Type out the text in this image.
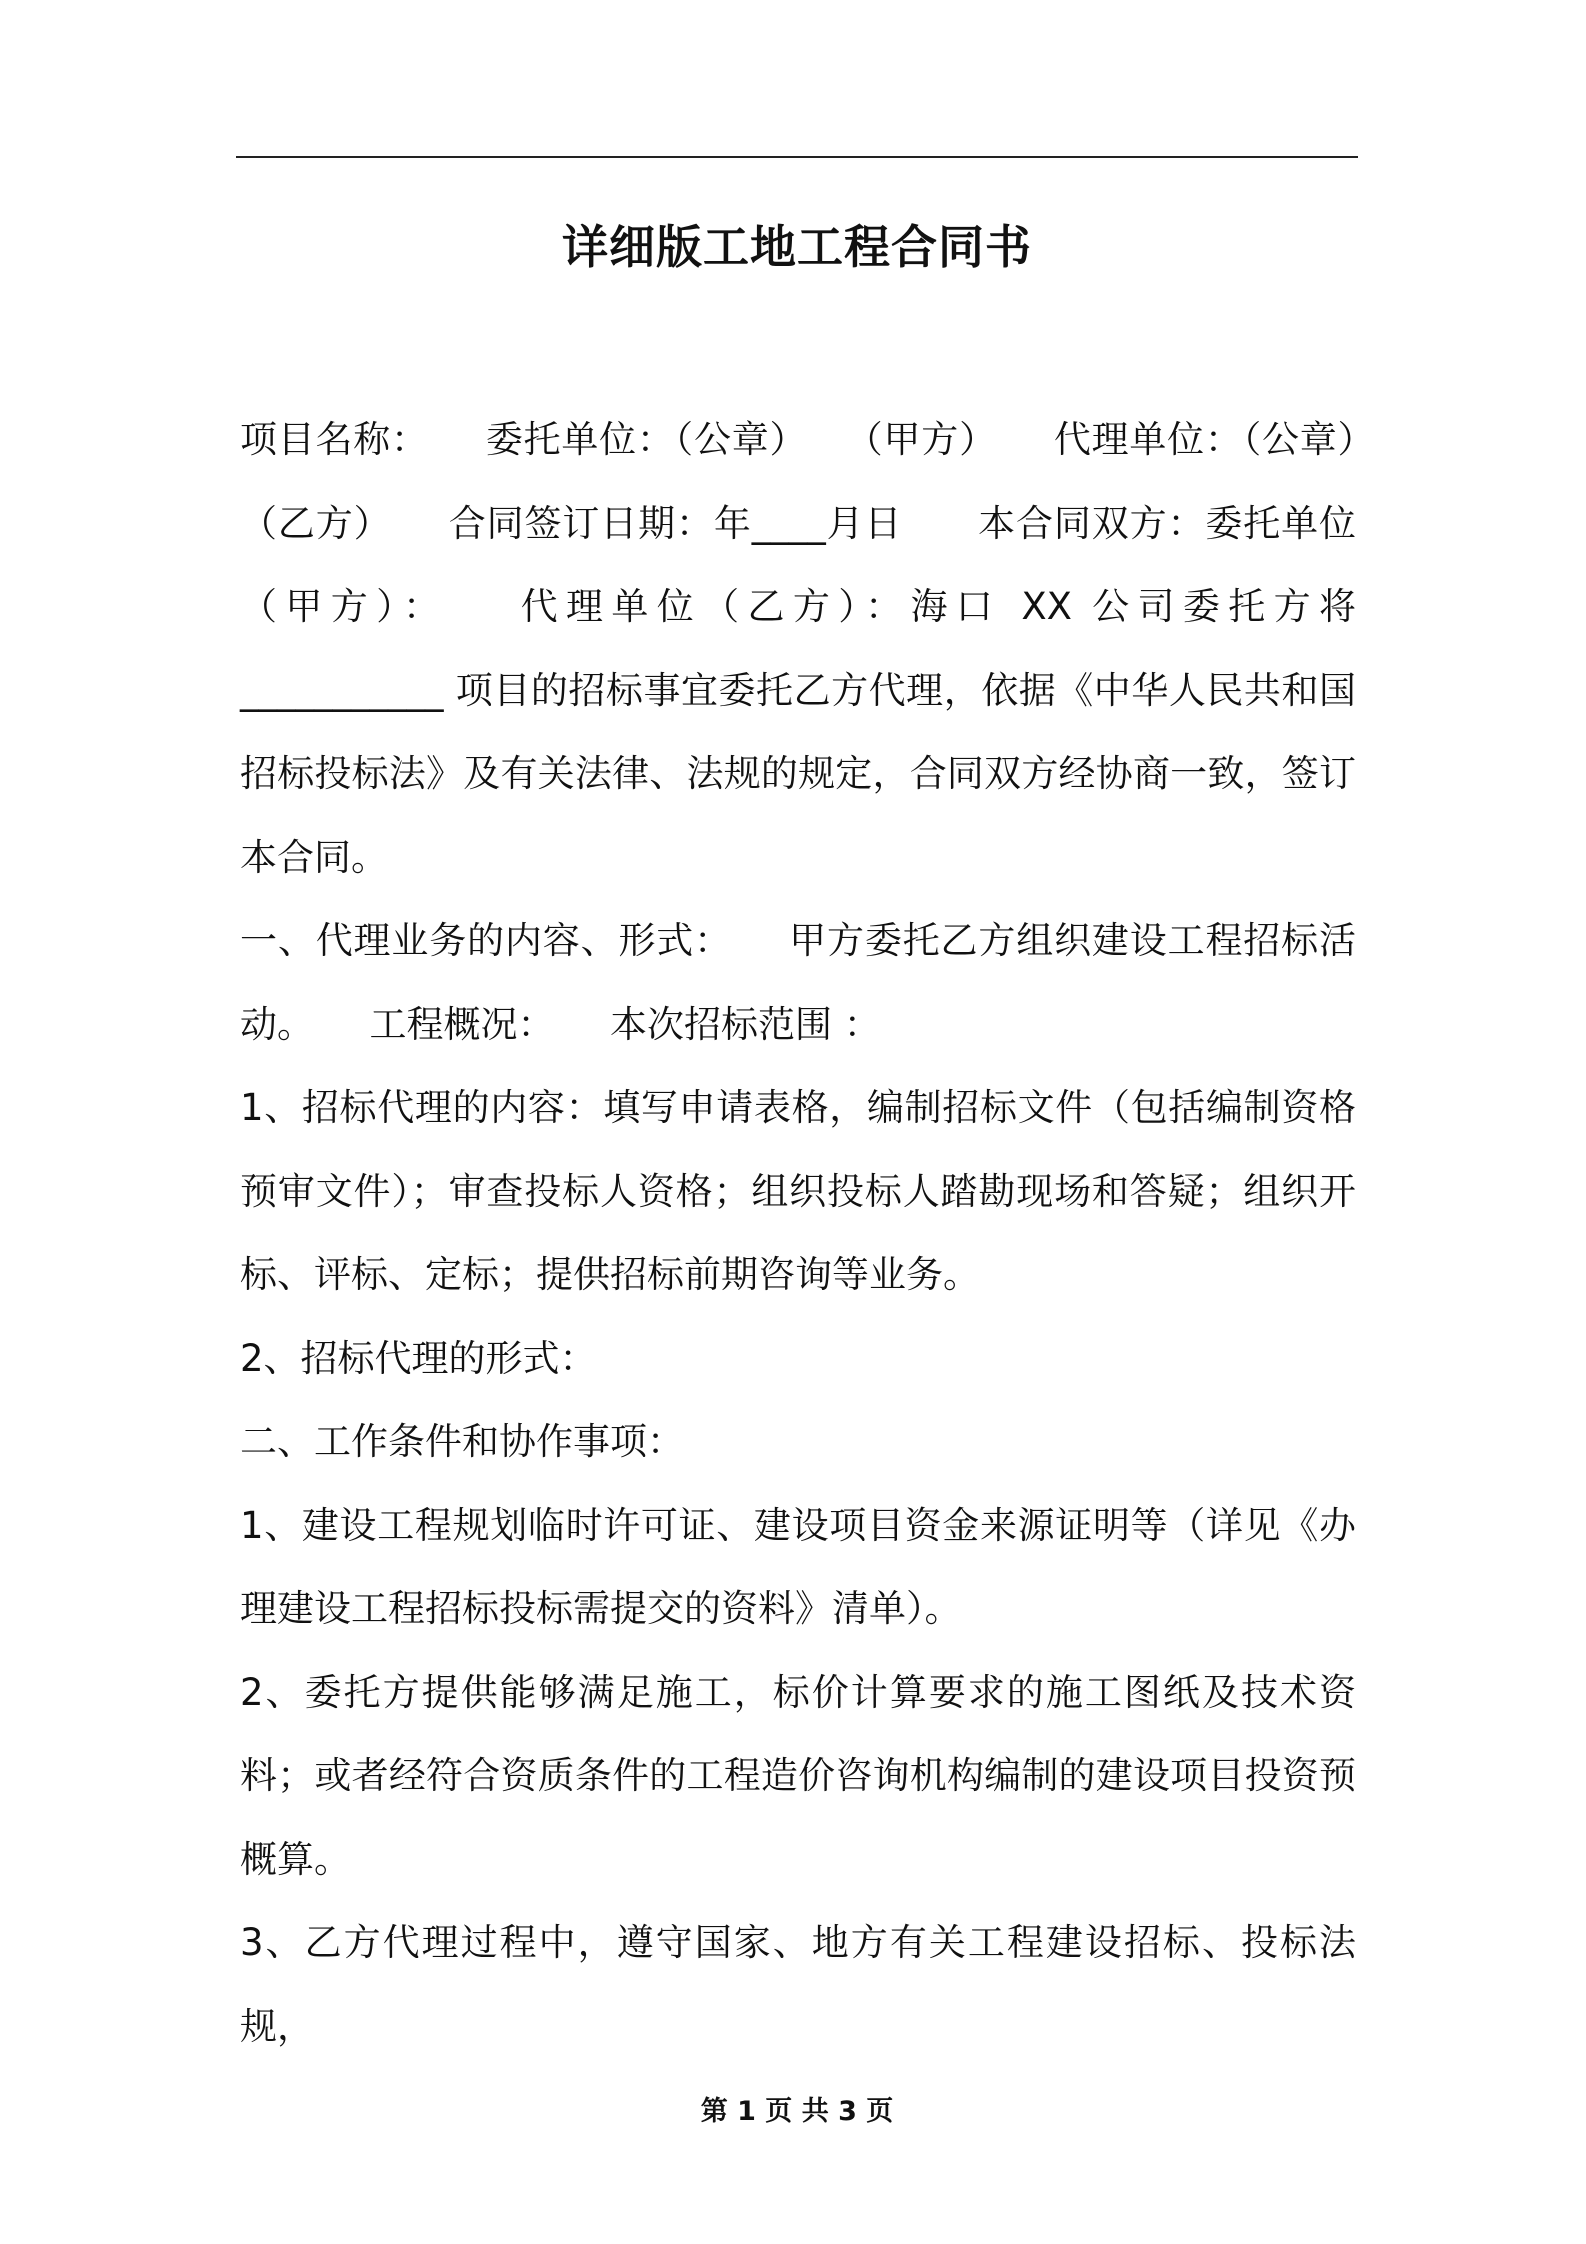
详细版工地工程合同书

项目名称：　　委托单位：（公章）　　（甲方）　　代理单位：（公章）　　（乙方）　　合同签订日期：年____月日　　本合同双方：委托单位（甲方）：　　代理单位（乙方）：海口 XX 公司委托方将 ___________ 项目的招标事宜委托乙方代理，依据《中华人民共和国招标投标法》及有关法律、法规的规定，合同双方经协商一致，签订本合同。

一、代理业务的内容、形式：　　甲方委托乙方组织建设工程招标活动。　　工程概况：　　本次招标范围 ：

1、招标代理的内容：填写申请表格，编制招标文件（包括编制资格预审文件）；审查投标人资格；组织投标人踏勘现场和答疑；组织开标、评标、定标；提供招标前期咨询等业务。

2、招标代理的形式：

二、工作条件和协作事项：

1、建设工程规划临时许可证、建设项目资金来源证明等（详见《办理建设工程招标投标需提交的资料》清单）。

2、委托方提供能够满足施工，标价计算要求的施工图纸及技术资料；或者经符合资质条件的工程造价咨询机构编制的建设项目投资预概算。

3、乙方代理过程中，遵守国家、地方有关工程建设招标、投标法规，

第 1 页 共 3 页
